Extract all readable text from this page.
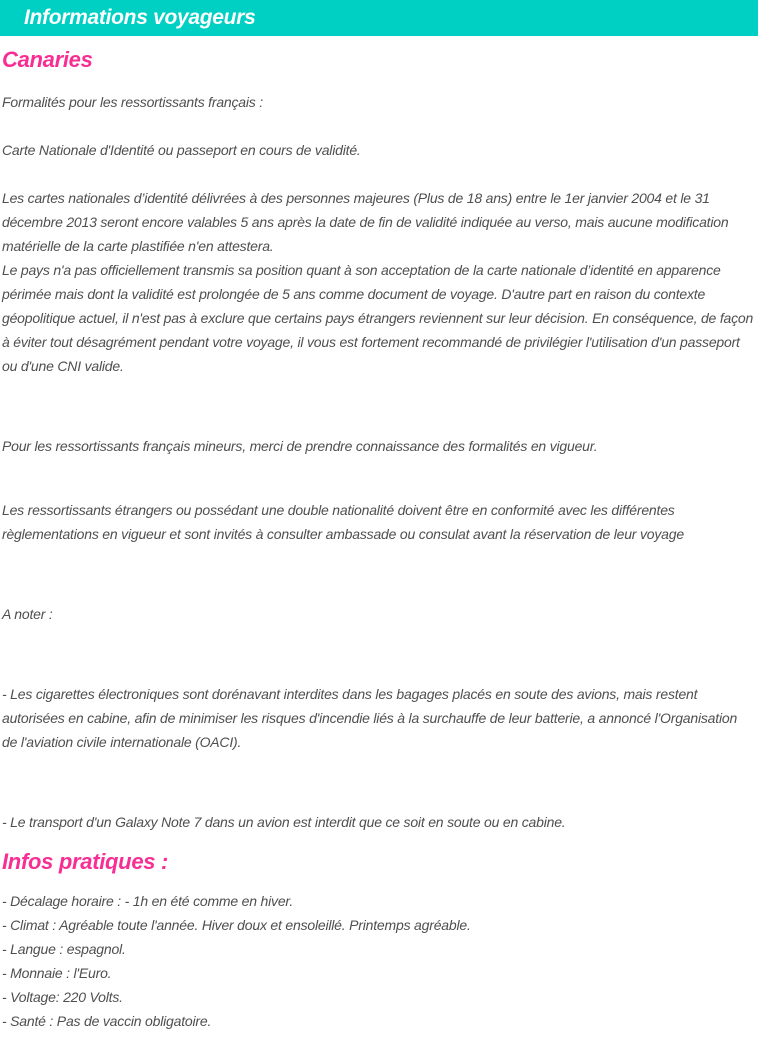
Informations voyageurs
Canaries

Formalités pour les ressortissants français :

Carte Nationale d'Identité ou passeport en cours de validité.

Les cartes nationales d’identité délivrées à des personnes majeures (Plus de 18 ans) entre le 1er janvier 2004 et le 31 décembre 2013 seront encore valables 5 ans après la date de fin de validité indiquée au verso, mais aucune modification matérielle de la carte plastifiée n'en attestera.

Le pays n'a pas officiellement transmis sa position quant à son acceptation de la carte nationale d’identité en apparence périmée mais dont la validité est prolongée de 5 ans comme document de voyage. D'autre part en raison du contexte géopolitique actuel, il n'est pas à exclure que certains pays étrangers reviennent sur leur décision. En conséquence, de façon à éviter tout désagrément pendant votre voyage, il vous est fortement recommandé de privilégier l'utilisation d'un passeport ou d'une CNI valide.

Pour les ressortissants français mineurs, merci de prendre connaissance des formalités en vigueur.

Les ressortissants étrangers ou possédant une double nationalité doivent être en conformité avec les différentes règlementations en vigueur et sont invités à consulter ambassade ou consulat avant la réservation de leur voyage

A noter :

- Les cigarettes électroniques sont dorénavant interdites dans les bagages placés en soute des avions, mais restent autorisées en cabine, afin de minimiser les risques d'incendie liés à la surchauffe de leur batterie, a annoncé l'Organisation de l'aviation civile internationale (OACI).

- Le transport d'un Galaxy Note 7 dans un avion est interdit que ce soit en soute ou en cabine.

Infos pratiques :

- Décalage horaire : - 1h en été comme en hiver.

- Climat : Agréable toute l'année. Hiver doux et ensoleillé. Printemps agréable.

- Langue : espagnol.

- Monnaie : l'Euro.

- Voltage: 220 Volts.

- Santé : Pas de vaccin obligatoire.
